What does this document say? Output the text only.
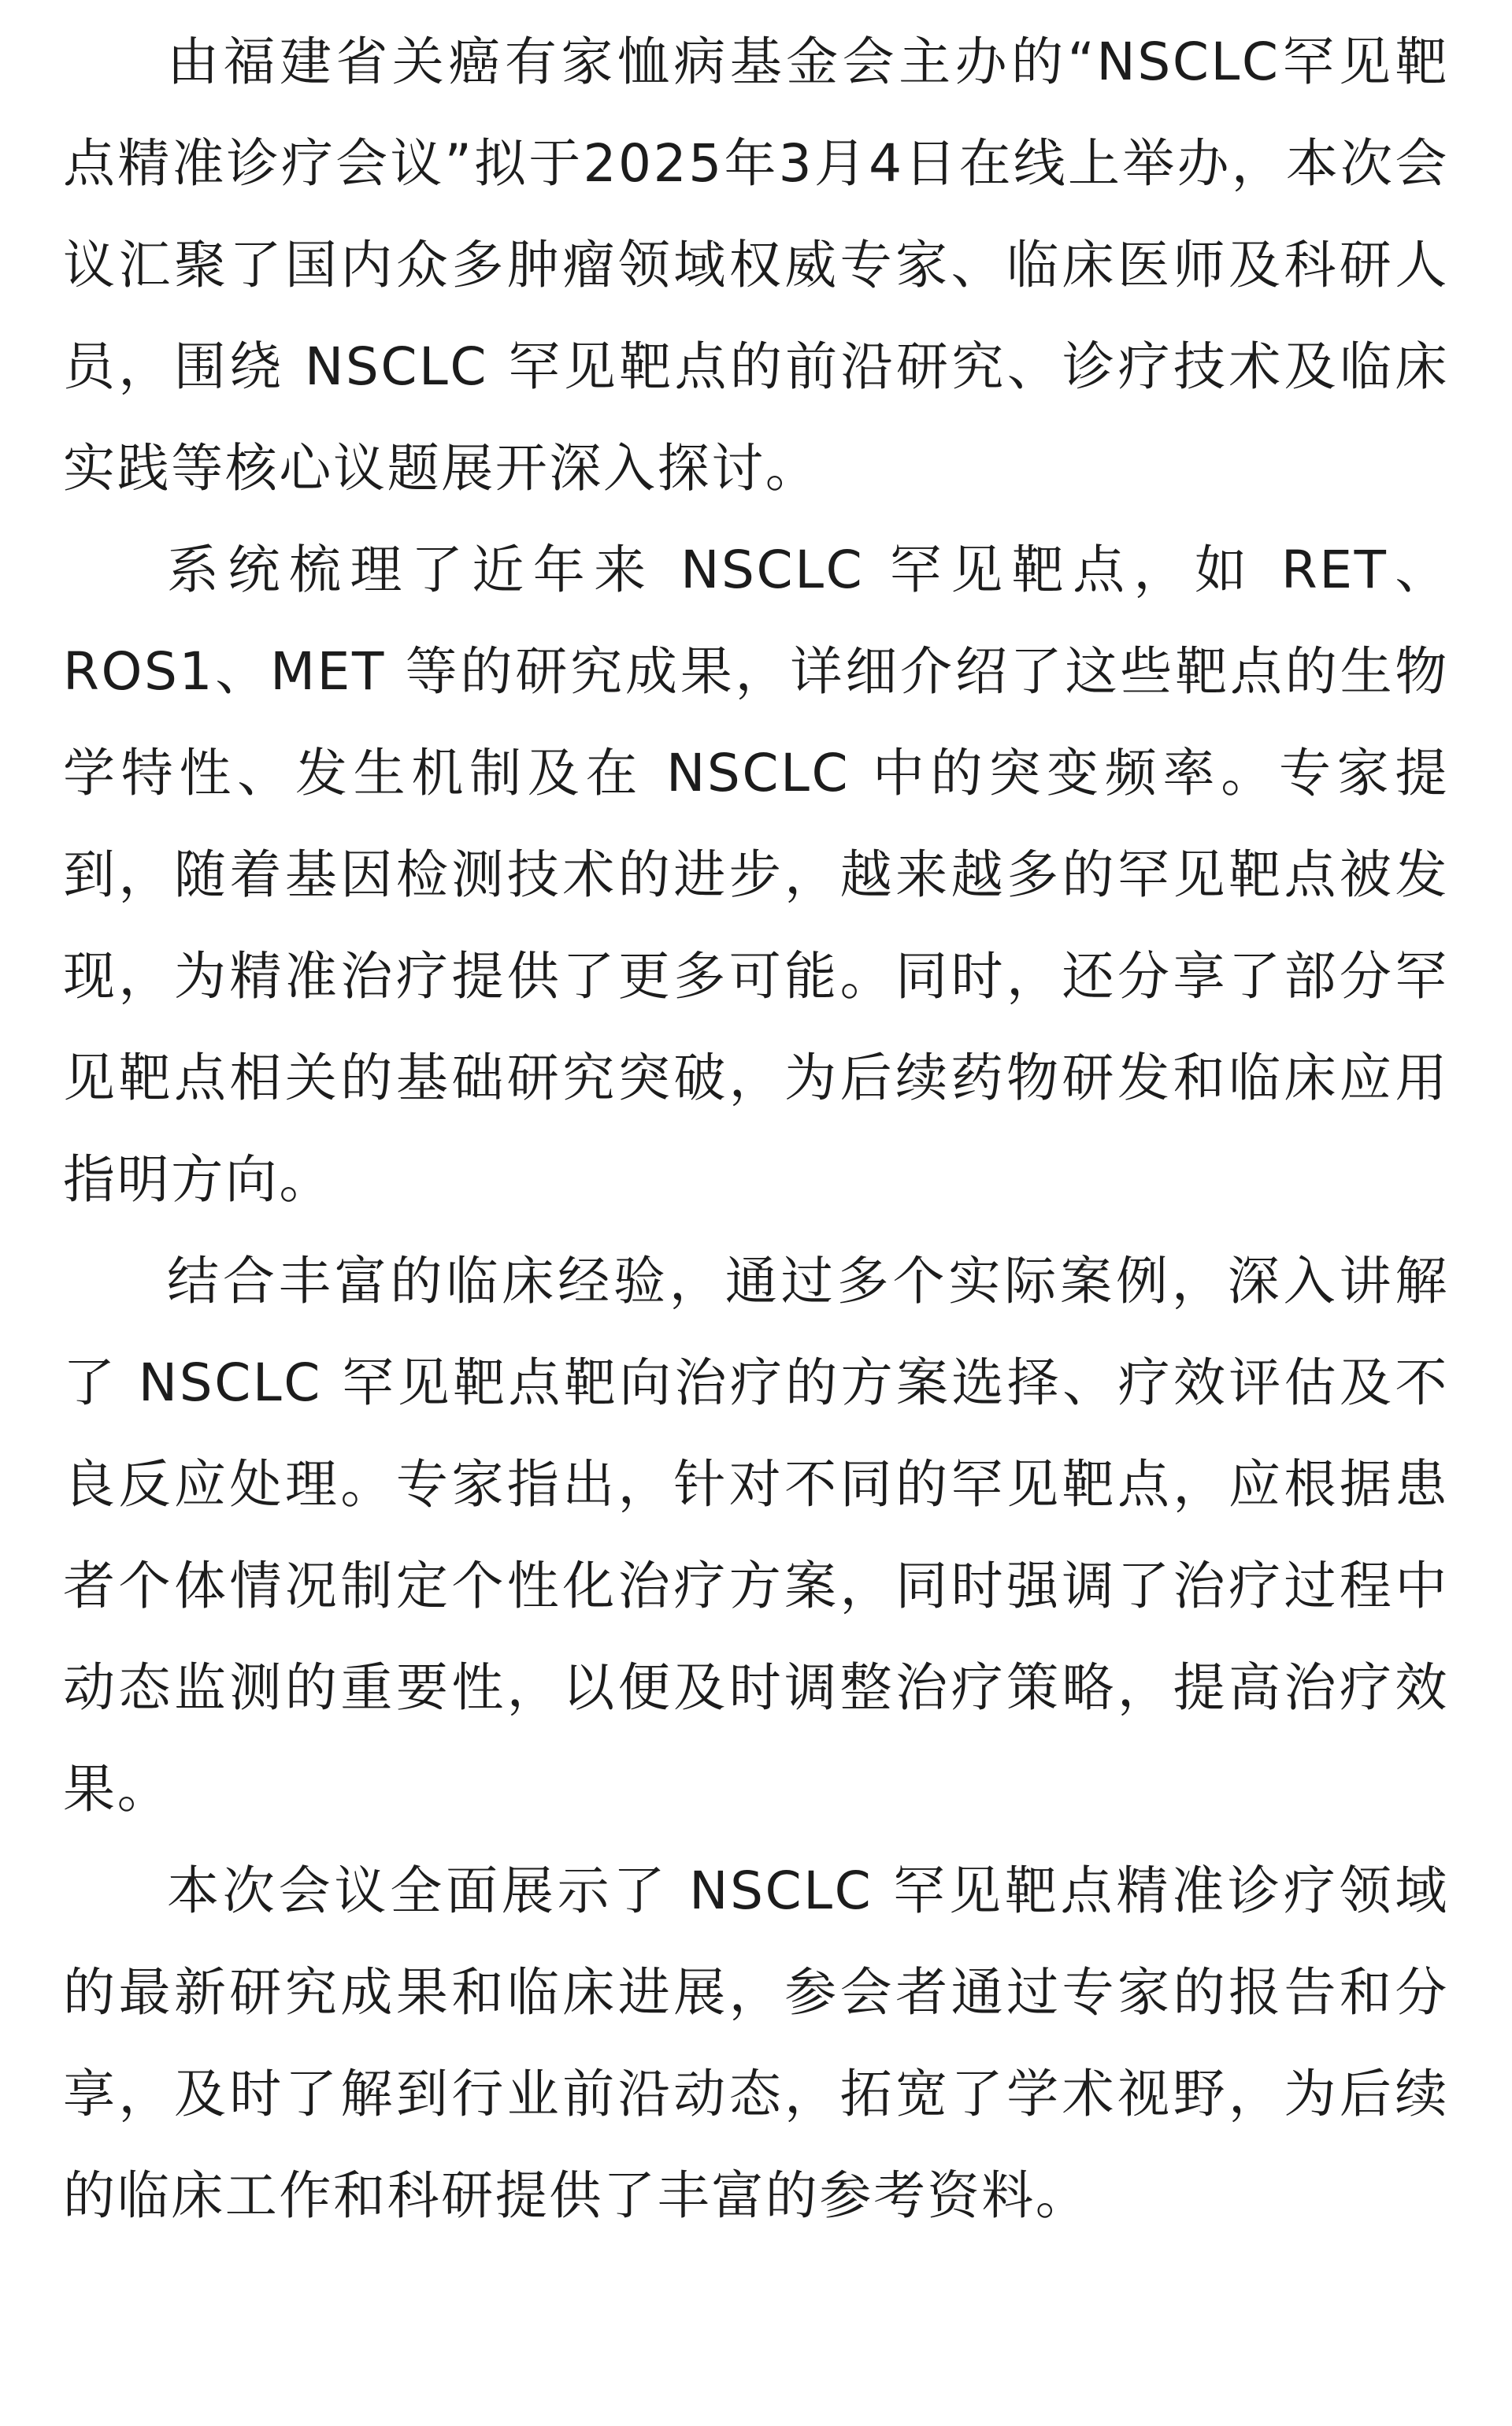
由福建省关癌有家恤病基金会主办的“NSCLC罕见靶点精准诊疗会议”拟于2025年3月4日在线上举办，本次会议汇聚了国内众多肿瘤领域权威专家、临床医师及科研人员，围绕 NSCLC 罕见靶点的前沿研究、诊疗技术及临床实践等核心议题展开深入探讨。

系统梳理了近年来 NSCLC 罕见靶点，如 RET、ROS1、MET 等的研究成果，详细介绍了这些靶点的生物学特性、发生机制及在 NSCLC 中的突变频率。专家提到，随着基因检测技术的进步，越来越多的罕见靶点被发现，为精准治疗提供了更多可能。同时，还分享了部分罕见靶点相关的基础研究突破，为后续药物研发和临床应用指明方向。

结合丰富的临床经验，通过多个实际案例，深入讲解了 NSCLC 罕见靶点靶向治疗的方案选择、疗效评估及不良反应处理。专家指出，针对不同的罕见靶点，应根据患者个体情况制定个性化治疗方案，同时强调了治疗过程中动态监测的重要性，以便及时调整治疗策略，提高治疗效果。

本次会议全面展示了 NSCLC 罕见靶点精准诊疗领域的最新研究成果和临床进展，参会者通过专家的报告和分享，及时了解到行业前沿动态，拓宽了学术视野，为后续的临床工作和科研提供了丰富的参考资料。
